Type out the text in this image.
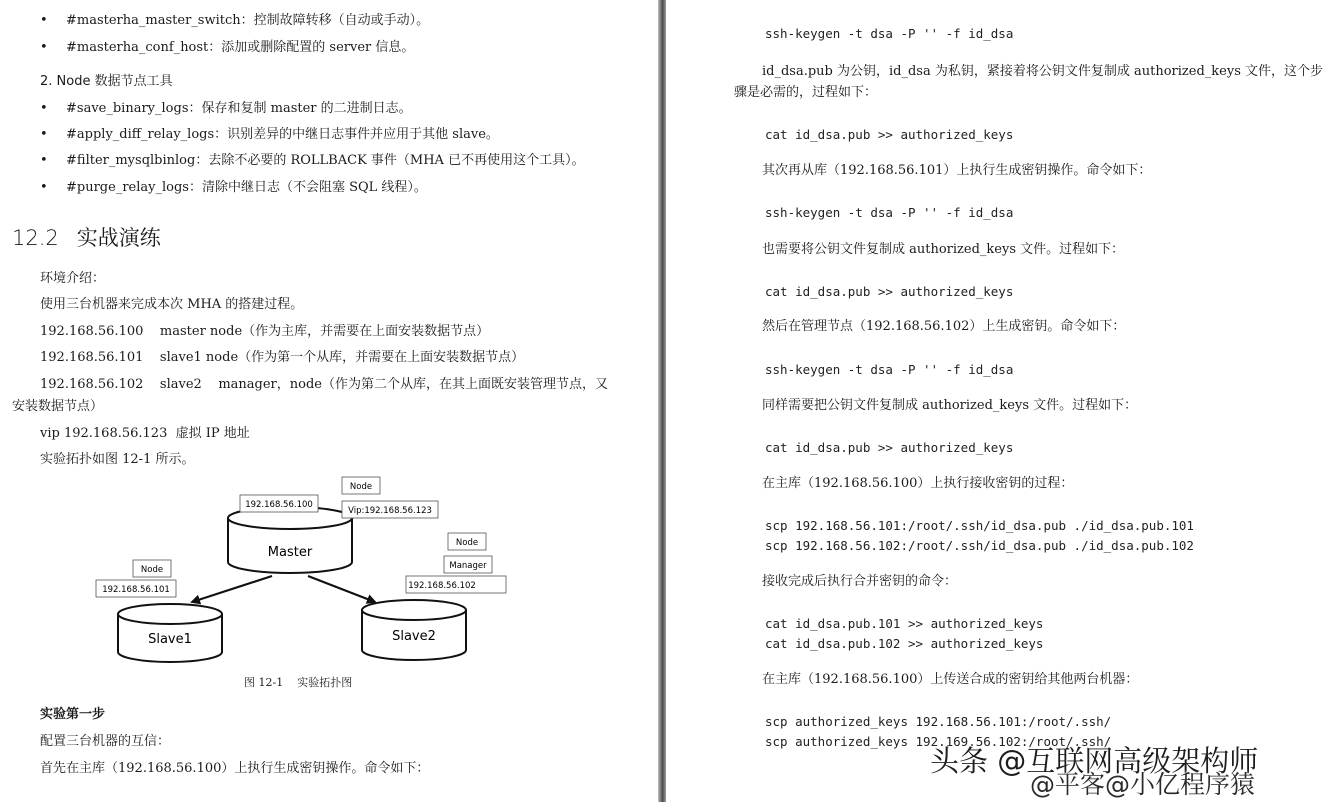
• #masterha_master_switch：控制故障转移（自动或手动）。
• #masterha_conf_host：添加或删除配置的 server 信息。
2. Node 数据节点工具
• #save_binary_logs：保存和复制 master 的二进制日志。
• #apply_diff_relay_logs：识别差异的中继日志事件并应用于其他 slave。
• #filter_mysqlbinlog：去除不必要的 ROLLBACK 事件（MHA 已不再使用这个工具）。
• #purge_relay_logs：清除中继日志（不会阻塞 SQL 线程）。
12.2 实战演练
环境介绍：
使用三台机器来完成本次 MHA 的搭建过程。
192.168.56.100    master node（作为主库，并需要在上面安装数据节点）
192.168.56.101    slave1 node（作为第一个从库，并需要在上面安装数据节点）
192.168.56.102    slave2    manager，node（作为第二个从库，在其上面既安装管理节点，又
安装数据节点）
vip 192.168.56.123  虚拟 IP 地址
实验拓扑如图 12-1 所示。
Master
Slave1	Slave2
Node
192.168.56.100
Vip:192.168.56.123
Node
192.168.56.101
Node
Manager
192.168.56.102
图 12-1    实验拓扑图
实验第一步
配置三台机器的互信：
首先在主库（192.168.56.100）上执行生成密钥操作。命令如下：
ssh-keygen -t dsa -P '' -f id_dsa
id_dsa.pub 为公钥，id_dsa 为私钥，紧接着将公钥文件复制成 authorized_keys 文件，这个步
骤是必需的，过程如下：
cat id_dsa.pub >> authorized_keys
其次再从库（192.168.56.101）上执行生成密钥操作。命令如下：
ssh-keygen -t dsa -P '' -f id_dsa
也需要将公钥文件复制成 authorized_keys 文件。过程如下：
cat id_dsa.pub >> authorized_keys
然后在管理节点（192.168.56.102）上生成密钥。命令如下：
ssh-keygen -t dsa -P '' -f id_dsa
同样需要把公钥文件复制成 authorized_keys 文件。过程如下：
cat id_dsa.pub >> authorized_keys
在主库（192.168.56.100）上执行接收密钥的过程：
scp 192.168.56.101:/root/.ssh/id_dsa.pub ./id_dsa.pub.101
scp 192.168.56.102:/root/.ssh/id_dsa.pub ./id_dsa.pub.102
接收完成后执行合并密钥的命令：
cat id_dsa.pub.101 >> authorized_keys
cat id_dsa.pub.102 >> authorized_keys
在主库（192.168.56.100）上传送合成的密钥给其他两台机器：
scp authorized_keys 192.168.56.101:/root/.ssh/
scp authorized_keys 192.169.56.102:/root/.ssh/
头条 @互联网高级架构师
@平客@小亿程序猿
